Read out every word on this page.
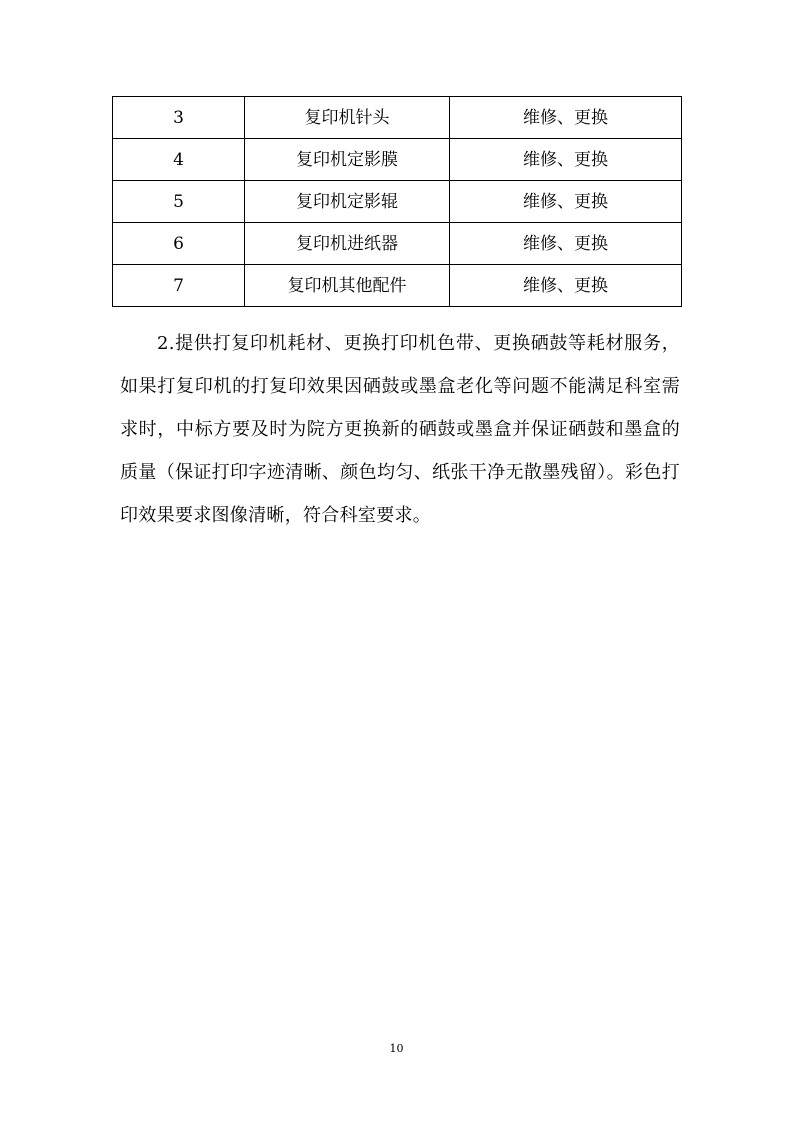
3	复印机针头	维修、更换
4	复印机定影膜	维修、更换
5	复印机定影辊	维修、更换
6	复印机进纸器	维修、更换
7	复印机其他配件	维修、更换

2.提供打复印机耗材、更换打印机色带、更换硒鼓等耗材服务，如果打复印机的打复印效果因硒鼓或墨盒老化等问题不能满足科室需求时，中标方要及时为院方更换新的硒鼓或墨盒并保证硒鼓和墨盒的质量（保证打印字迹清晰、颜色均匀、纸张干净无散墨残留）。彩色打印效果要求图像清晰，符合科室要求。

10
